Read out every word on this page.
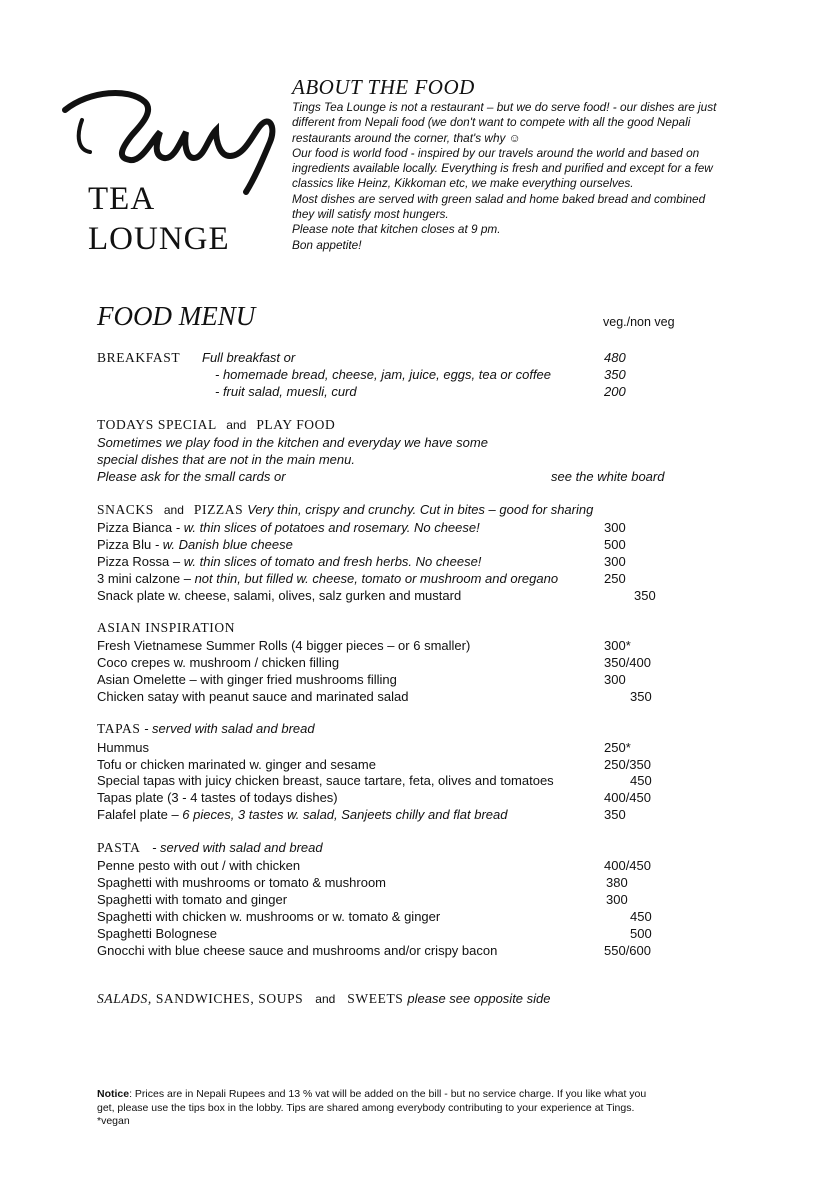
TEA
LOUNGE
ABOUT THE FOOD
Tings Tea Lounge is not a restaurant – but we do serve food! - our dishes are just
different from Nepali food (we don't want to compete with all the good Nepali
restaurants around the corner, that's why ☺
Our food is world food - inspired by our travels around the world and based on
ingredients available locally. Everything is fresh and purified and except for a few
classics like Heinz, Kikkoman etc, we make everything ourselves.
Most dishes are served with green salad and home baked bread and combined
they will satisfy most hungers.
Please note that kitchen closes at 9 pm.
Bon appetite!
FOOD MENU	veg./non veg
BREAKFAST Full breakfast or	480
- homemade bread, cheese, jam, juice, eggs, tea or coffee	350
- fruit salad, muesli, curd	200
TODAYS SPECIAL and PLAY FOOD
Sometimes we play food in the kitchen and everyday we have some
special dishes that are not in the main menu.
Please ask for the small cards or	see the white board
SNACKS and PIZZAS Very thin, crispy and crunchy. Cut in bites – good for sharing
Pizza Bianca - w. thin slices of potatoes and rosemary. No cheese!	300
Pizza Blu - w. Danish blue cheese	500
Pizza Rossa – w. thin slices of tomato and fresh herbs. No cheese!	300
3 mini calzone – not thin, but filled w. cheese, tomato or mushroom and oregano	250
Snack plate w. cheese, salami, olives, salz gurken and mustard	350
ASIAN INSPIRATION
Fresh Vietnamese Summer Rolls (4 bigger pieces – or 6 smaller)	300*
Coco crepes w. mushroom / chicken filling	350/400
Asian Omelette – with ginger fried mushrooms filling	300
Chicken satay with peanut sauce and marinated salad	350
TAPAS - served with salad and bread
Hummus	250*
Tofu or chicken marinated w. ginger and sesame	250/350
Special tapas with juicy chicken breast, sauce tartare, feta, olives and tomatoes	450
Tapas plate (3 - 4 tastes of todays dishes)	400/450
Falafel plate – 6 pieces, 3 tastes w. salad, Sanjeets chilly and flat bread	350
PASTA - served with salad and bread
Penne pesto with out / with chicken	400/450
Spaghetti with mushrooms or tomato & mushroom	380
Spaghetti with tomato and ginger	300
Spaghetti with chicken w. mushrooms or w. tomato & ginger	450
Spaghetti Bolognese	500
Gnocchi with blue cheese sauce and mushrooms and/or crispy bacon	550/600
SALADS, SANDWICHES, SOUPS and SWEETS please see opposite side
Notice: Prices are in Nepali Rupees and 13 % vat will be added on the bill - but no service charge. If you like what you
get, please use the tips box in the lobby. Tips are shared among everybody contributing to your experience at Tings.
*vegan
